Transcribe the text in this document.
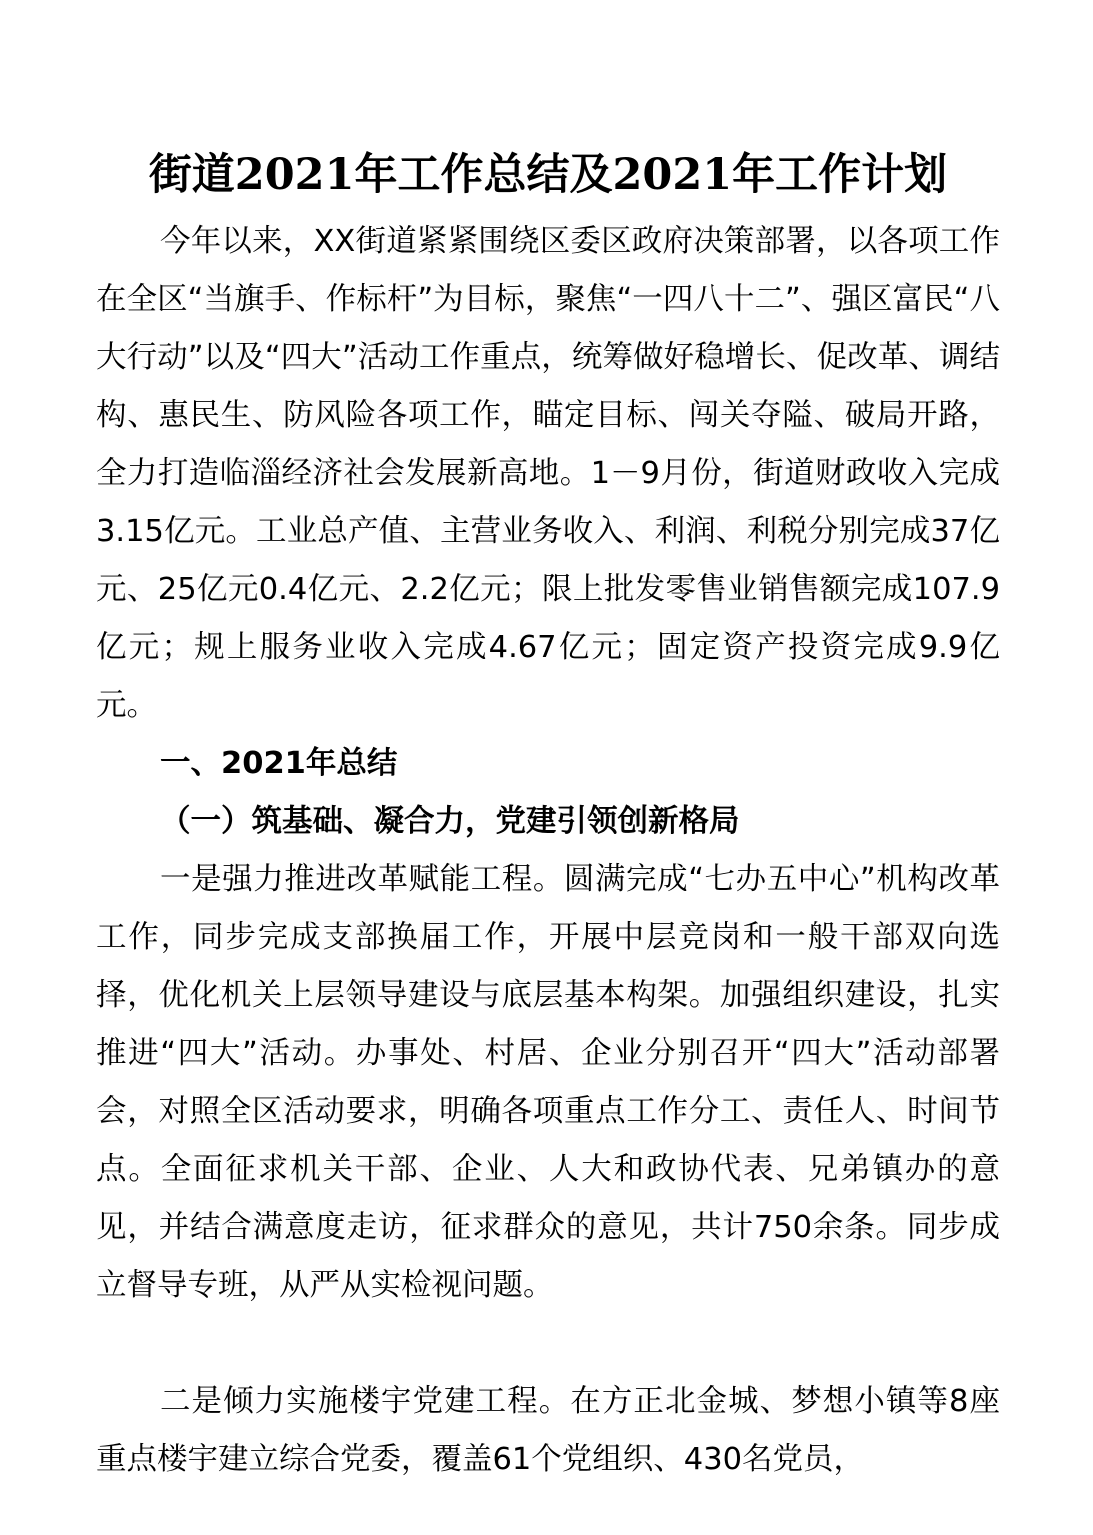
街道2021年工作总结及2021年工作计划

今年以来，XX街道紧紧围绕区委区政府决策部署，以各项工作在全区“当旗手、作标杆”为目标，聚焦“一四八十二”、强区富民“八大行动”以及“四大”活动工作重点，统筹做好稳增长、促改革、调结构、惠民生、防风险各项工作，瞄定目标、闯关夺隘、破局开路，全力打造临淄经济社会发展新高地。1－9月份，街道财政收入完成3.15亿元。工业总产值、主营业务收入、利润、利税分别完成37亿元、25亿元0.4亿元、2.2亿元；限上批发零售业销售额完成107.9亿元；规上服务业收入完成4.67亿元；固定资产投资完成9.9亿元。

一、2021年总结

（一）筑基础、凝合力，党建引领创新格局

一是强力推进改革赋能工程。圆满完成“七办五中心”机构改革工作，同步完成支部换届工作，开展中层竞岗和一般干部双向选择，优化机关上层领导建设与底层基本构架。加强组织建设，扎实推进“四大”活动。办事处、村居、企业分别召开“四大”活动部署会，对照全区活动要求，明确各项重点工作分工、责任人、时间节点。全面征求机关干部、企业、人大和政协代表、兄弟镇办的意见，并结合满意度走访，征求群众的意见，共计750余条。同步成立督导专班，从严从实检视问题。

二是倾力实施楼宇党建工程。在方正北金城、梦想小镇等8座重点楼宇建立综合党委，覆盖61个党组织、430名党员，
